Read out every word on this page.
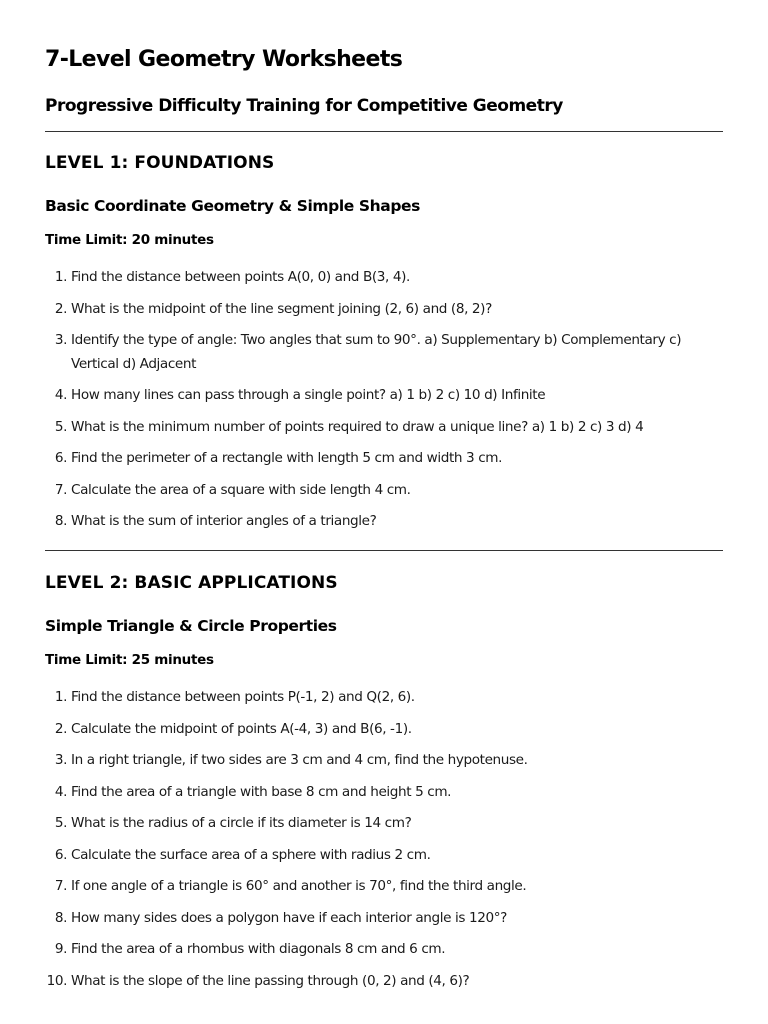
7-Level Geometry Worksheets
Progressive Difficulty Training for Competitive Geometry
LEVEL 1: FOUNDATIONS
Basic Coordinate Geometry & Simple Shapes

Time Limit: 20 minutes

1. Find the distance between points A(0, 0) and B(3, 4).
2. What is the midpoint of the line segment joining (2, 6) and (8, 2)?
3. Identify the type of angle: Two angles that sum to 90°. a) Supplementary b) Complementary c) Vertical d) Adjacent
4. How many lines can pass through a single point? a) 1 b) 2 c) 10 d) Infinite
5. What is the minimum number of points required to draw a unique line? a) 1 b) 2 c) 3 d) 4
6. Find the perimeter of a rectangle with length 5 cm and width 3 cm.
7. Calculate the area of a square with side length 4 cm.
8. What is the sum of interior angles of a triangle?
LEVEL 2: BASIC APPLICATIONS
Simple Triangle & Circle Properties

Time Limit: 25 minutes

1. Find the distance between points P(-1, 2) and Q(2, 6).
2. Calculate the midpoint of points A(-4, 3) and B(6, -1).
3. In a right triangle, if two sides are 3 cm and 4 cm, find the hypotenuse.
4. Find the area of a triangle with base 8 cm and height 5 cm.
5. What is the radius of a circle if its diameter is 14 cm?
6. Calculate the surface area of a sphere with radius 2 cm.
7. If one angle of a triangle is 60° and another is 70°, find the third angle.
8. How many sides does a polygon have if each interior angle is 120°?
9. Find the area of a rhombus with diagonals 8 cm and 6 cm.
10. What is the slope of the line passing through (0, 2) and (4, 6)?
